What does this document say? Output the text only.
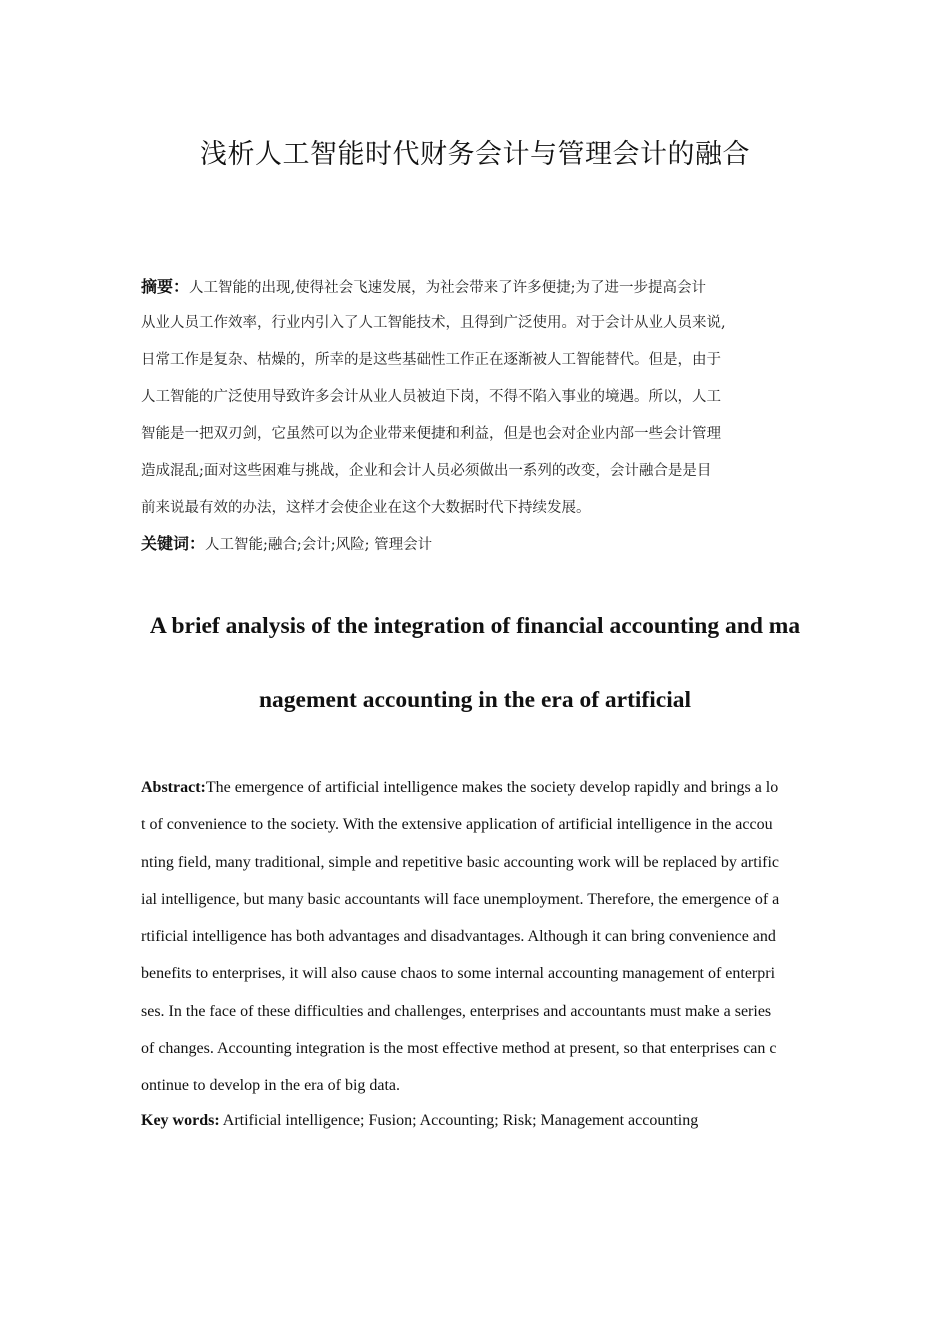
浅析人工智能时代财务会计与管理会计的融合
摘要：人工智能的出现,使得社会飞速发展，为社会带来了许多便捷;为了进一步提高会计
从业人员工作效率，行业内引入了人工智能技术，且得到广泛使用。对于会计从业人员来说,
日常工作是复杂、枯燥的，所幸的是这些基础性工作正在逐渐被人工智能替代。但是，由于
人工智能的广泛使用导致许多会计从业人员被迫下岗，不得不陷入事业的境遇。所以，人工
智能是一把双刃剑，它虽然可以为企业带来便捷和利益，但是也会对企业内部一些会计管理
造成混乱;面对这些困难与挑战，企业和会计人员必须做出一系列的改变，会计融合是是目
前来说最有效的办法，这样才会使企业在这个大数据时代下持续发展。
关键词：人工智能;融合;会计;风险; 管理会计
A brief analysis of the integration of financial accounting and ma
nagement accounting in the era of artificial
Abstract:The emergence of artificial intelligence makes the society develop rapidly and brings a lo
t of convenience to the society. With the extensive application of artificial intelligence in the accou
nting field, many traditional, simple and repetitive basic accounting work will be replaced by artific
ial intelligence, but many basic accountants will face unemployment. Therefore, the emergence of a
rtificial intelligence has both advantages and disadvantages. Although it can bring convenience and
benefits to enterprises, it will also cause chaos to some internal accounting management of enterpri
ses. In the face of these difficulties and challenges, enterprises and accountants must make a series
of changes. Accounting integration is the most effective method at present, so that enterprises can c
ontinue to develop in the era of big data.
Key words: Artificial intelligence; Fusion; Accounting; Risk; Management accounting
